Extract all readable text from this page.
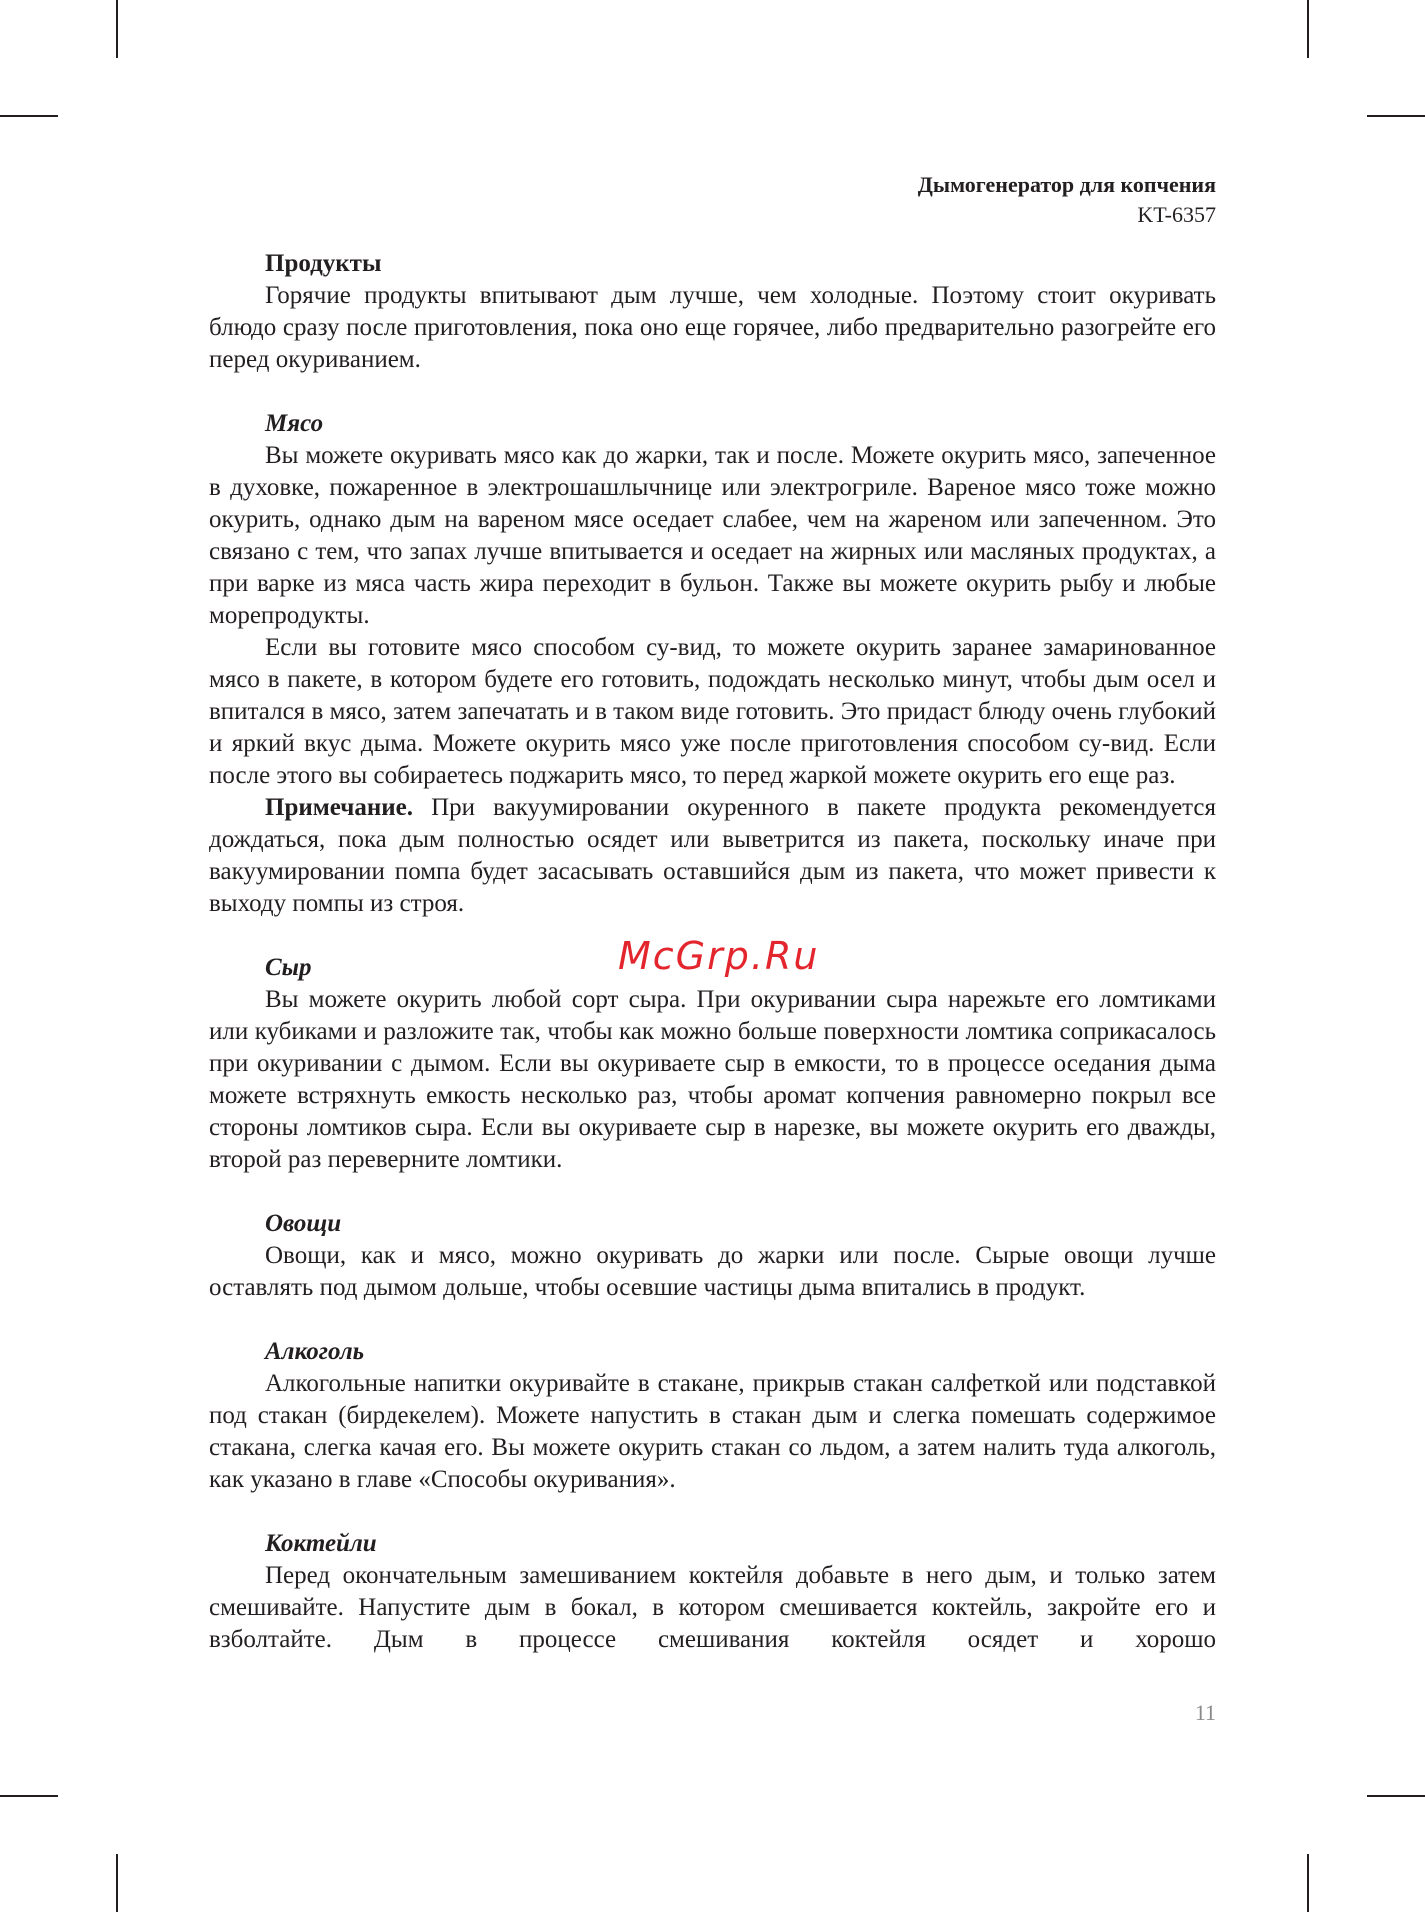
Дымогенератор для копчения
KT-6357

Продукты

Горячие продукты впитывают дым лучше, чем холодные. Поэтому стоит окуривать блюдо сразу после приготовления, пока оно еще горячее, либо предварительно разогрейте его перед окуриванием.

Мясо

Вы можете окуривать мясо как до жарки, так и после. Можете окурить мясо, запеченное в духовке, пожаренное в электрошашлычнице или электрогриле. Вареное мясо тоже можно окурить, однако дым на вареном мясе оседает слабее, чем на жареном или запеченном. Это связано с тем, что запах лучше впитывается и оседает на жирных или масляных продуктах, а при варке из мяса часть жира переходит в бульон. Также вы можете окурить рыбу и любые морепродукты.

Если вы готовите мясо способом су-вид, то можете окурить заранее замаринованное мясо в пакете, в котором будете его готовить, подождать несколько минут, чтобы дым осел и впитался в мясо, затем запечатать и в таком виде готовить. Это придаст блюду очень глубокий и яркий вкус дыма. Можете окурить мясо уже после приготовления способом су-вид. Если после этого вы собираетесь поджарить мясо, то перед жаркой можете окурить его еще раз.

Примечание. При вакуумировании окуренного в пакете продукта рекомендуется дождаться, пока дым полностью осядет или выветрится из пакета, поскольку иначе при вакуумировании помпа будет засасывать оставшийся дым из пакета, что может привести к выходу помпы из строя.

Сыр

Вы можете окурить любой сорт сыра. При окуривании сыра нарежьте его ломтиками или кубиками и разложите так, чтобы как можно больше поверхности ломтика соприкасалось при окуривании с дымом. Если вы окуриваете сыр в емкости, то в процессе оседания дыма можете встряхнуть емкость несколько раз, чтобы аромат копчения равномерно покрыл все стороны ломтиков сыра. Если вы окуриваете сыр в нарезке, вы можете окурить его дважды, второй раз переверните ломтики.

Овощи

Овощи, как и мясо, можно окуривать до жарки или после. Сырые овощи лучше оставлять под дымом дольше, чтобы осевшие частицы дыма впитались в продукт.

Алкоголь

Алкогольные напитки окуривайте в стакане, прикрыв стакан салфеткой или подставкой под стакан (бирдекелем). Можете напустить в стакан дым и слегка помешать содержимое стакана, слегка качая его. Вы можете окурить стакан со льдом, а затем налить туда алкоголь, как указано в главе «Способы окуривания».

Коктейли

Перед окончательным замешиванием коктейля добавьте в него дым, и только затем смешивайте. Напустите дым в бокал, в котором смешивается коктейль, закройте его и взболтайте. Дым в процессе смешивания коктейля осядет и хорошо

McGrp.Ru
11
